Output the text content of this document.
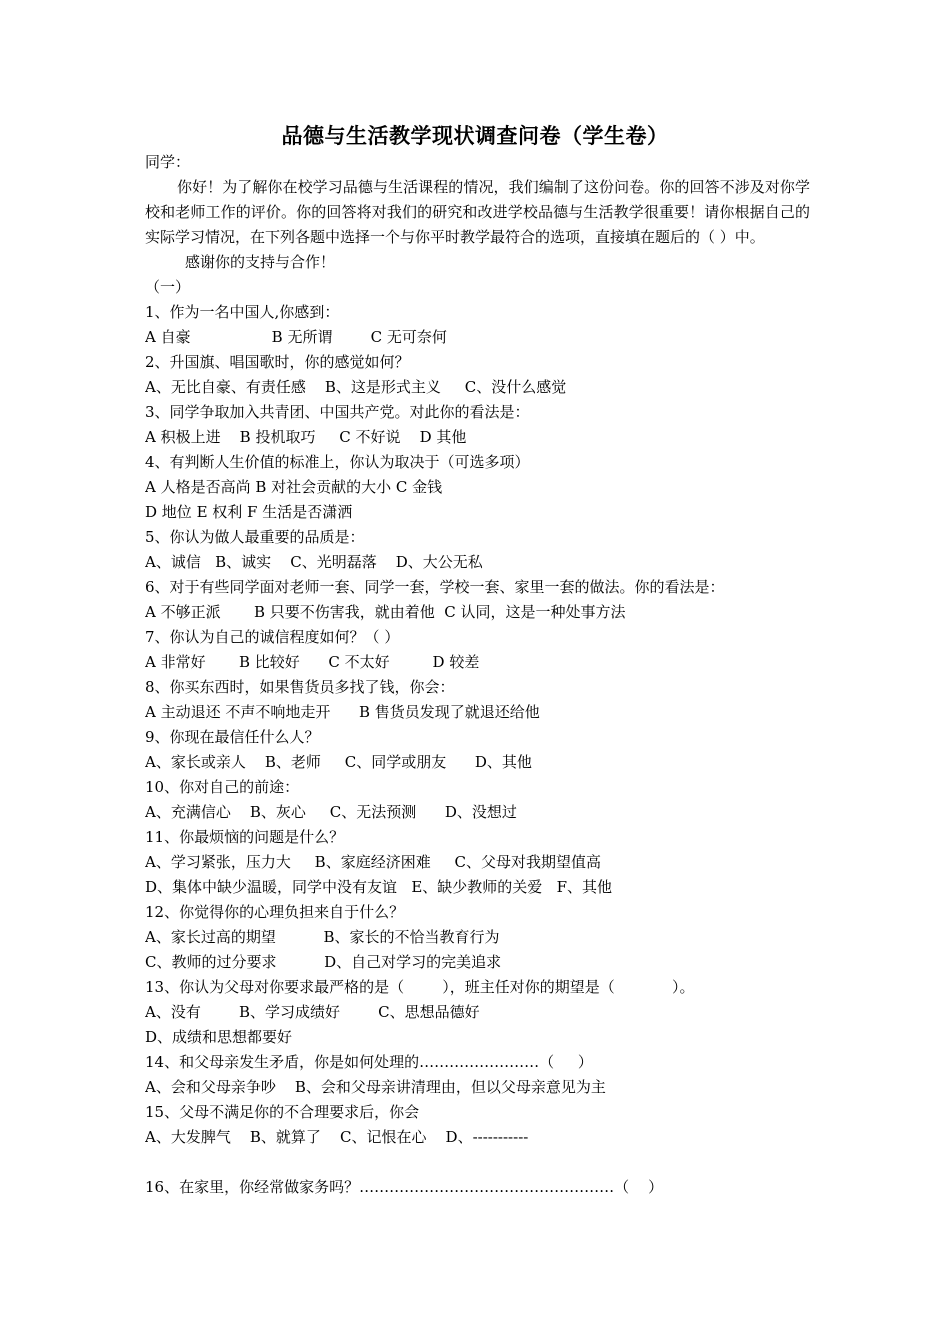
品德与生活教学现状调查问卷（学生卷）
同学：
你好！为了解你在校学习品德与生活课程的情况，我们编制了这份问卷。你的回答不涉及对你学校和老师工作的评价。你的回答将对我们的研究和改进学校品德与生活教学很重要！请你根据自己的实际学习情况，在下列各题中选择一个与你平时教学最符合的选项，直接填在题后的（ ）中。
感谢你的支持与合作！
（一）
1、作为一名中国人,你感到：
A 自豪                 B 无所谓        C 无可奈何
2、升国旗、唱国歌时，你的感觉如何？
A、无比自豪、有责任感    B、这是形式主义     C、没什么感觉
3、同学争取加入共青团、中国共产党。对此你的看法是：
A 积极上进    B 投机取巧     C 不好说    D 其他
4、有判断人生价值的标准上，你认为取决于（可选多项）
A 人格是否高尚 B 对社会贡献的大小 C 金钱
D 地位 E 权利 F 生活是否潇洒
5、你认为做人最重要的品质是：
A、诚信   B、诚实    C、光明磊落    D、大公无私
6、对于有些同学面对老师一套、同学一套，学校一套、家里一套的做法。你的看法是：
A 不够正派       B 只要不伤害我，就由着他  C 认同，这是一种处事方法
7、你认为自己的诚信程度如何？（ ）
A 非常好       B 比较好      C 不太好         D 较差
8、你买东西时，如果售货员多找了钱，你会：
A 主动退还 不声不响地走开      B 售货员发现了就退还给他
9、你现在最信任什么人？
A、家长或亲人    B、老师     C、同学或朋友      D、其他
10、你对自己的前途：
A、充满信心    B、灰心     C、无法预测      D、没想过
11、你最烦恼的问题是什么？
A、学习紧张，压力大     B、家庭经济困难     C、父母对我期望值高
D、集体中缺少温暖，同学中没有友谊   E、缺少教师的关爱   F、其他
12、你觉得你的心理负担来自于什么？
A、家长过高的期望          B、家长的不恰当教育行为
C、教师的过分要求          D、自己对学习的完美追求
13、你认为父母对你要求最严格的是（        ），班主任对你的期望是（            ）。
A、没有        B、学习成绩好        C、思想品德好
D、成绩和思想都要好
14、和父母亲发生矛盾，你是如何处理的……………………（     ）
A、会和父母亲争吵    B、会和父母亲讲清理由，但以父母亲意见为主
15、父母不满足你的不合理要求后，你会
A、大发脾气    B、就算了    C、记恨在心    D、-----------
16、在家里，你经常做家务吗？……………………………………………（    ）
